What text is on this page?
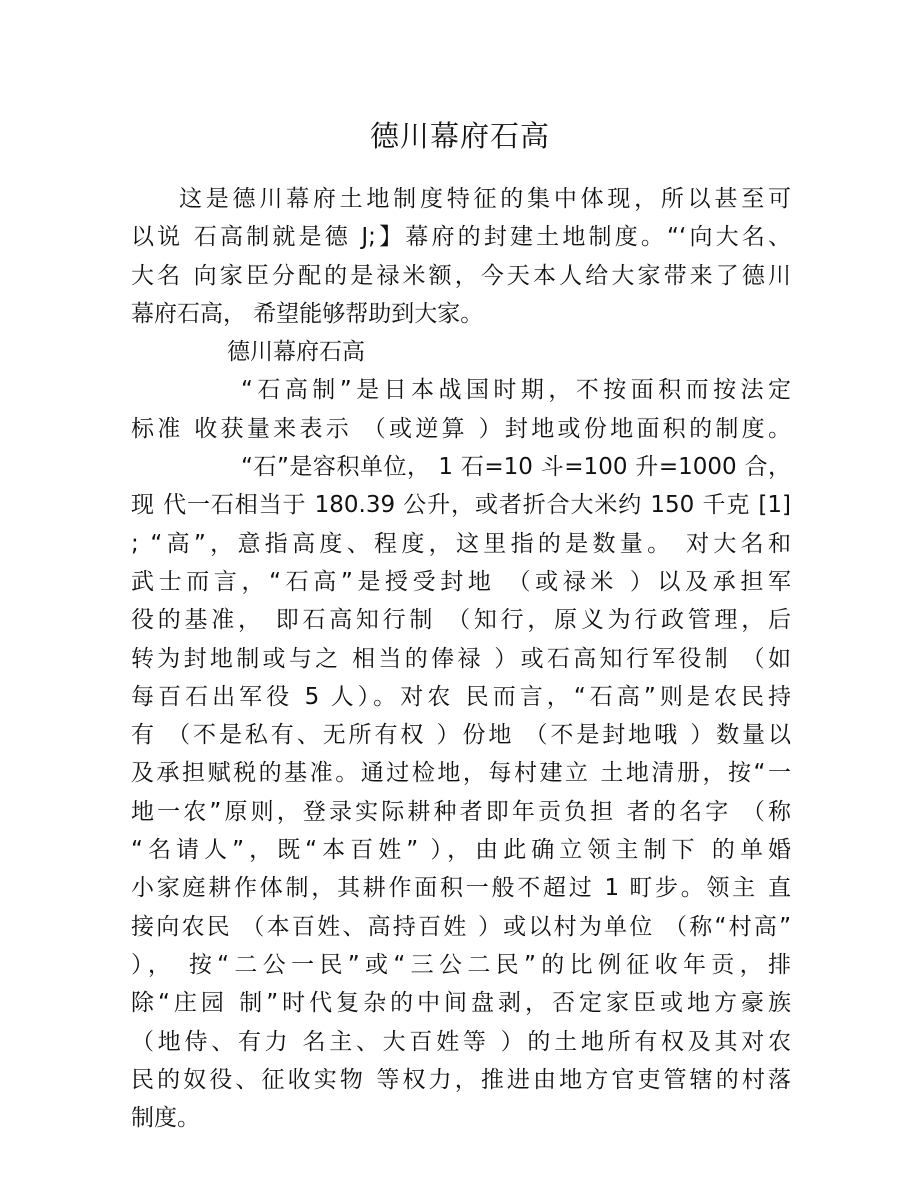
德川幕府石高
这是德川幕府土地制度特征的集中体现，所以甚至可
以说 石高制就是德 J;】幕府的封建土地制度。“‘向大名、
大名 向家臣分配的是禄米额，今天本人给大家带来了德川
幕府石高， 希望能够帮助到大家。
德川幕府石高
“石高制”是日本战国时期，不按面积而按法定
标准 收获量来表示 （或逆算 ）封地或份地面积的制度。
“石”是容积单位， 1 石=10 斗=100 升=1000 合，
现 代一石相当于 180.39 公升，或者折合大米约 150 千克 [1]
; “高”，意指高度、程度，这里指的是数量。 对大名和
武士而言，“石高”是授受封地 （或禄米 ）以及承担军
役的基准， 即石高知行制 （知行，原义为行政管理，后
转为封地制或与之 相当的俸禄 ）或石高知行军役制 （如
每百石出军役 5 人）。对农 民而言，“石高”则是农民持
有 （不是私有、无所有权 ）份地 （不是封地哦 ）数量以
及承担赋税的基准。通过检地，每村建立 土地清册，按“一
地一农”原则，登录实际耕种者即年贡负担 者的名字 （称
“名请人”，既“本百姓” ），由此确立领主制下 的单婚
小家庭耕作体制，其耕作面积一般不超过 1 町步。领主 直
接向农民 （本百姓、高持百姓 ）或以村为单位 （称“村高”
）， 按“二公一民”或“三公二民”的比例征收年贡，排
除“庄园 制”时代复杂的中间盘剥，否定家臣或地方豪族
（地侍、有力 名主、大百姓等 ）的土地所有权及其对农
民的奴役、征收实物 等权力，推进由地方官吏管辖的村落
制度。
